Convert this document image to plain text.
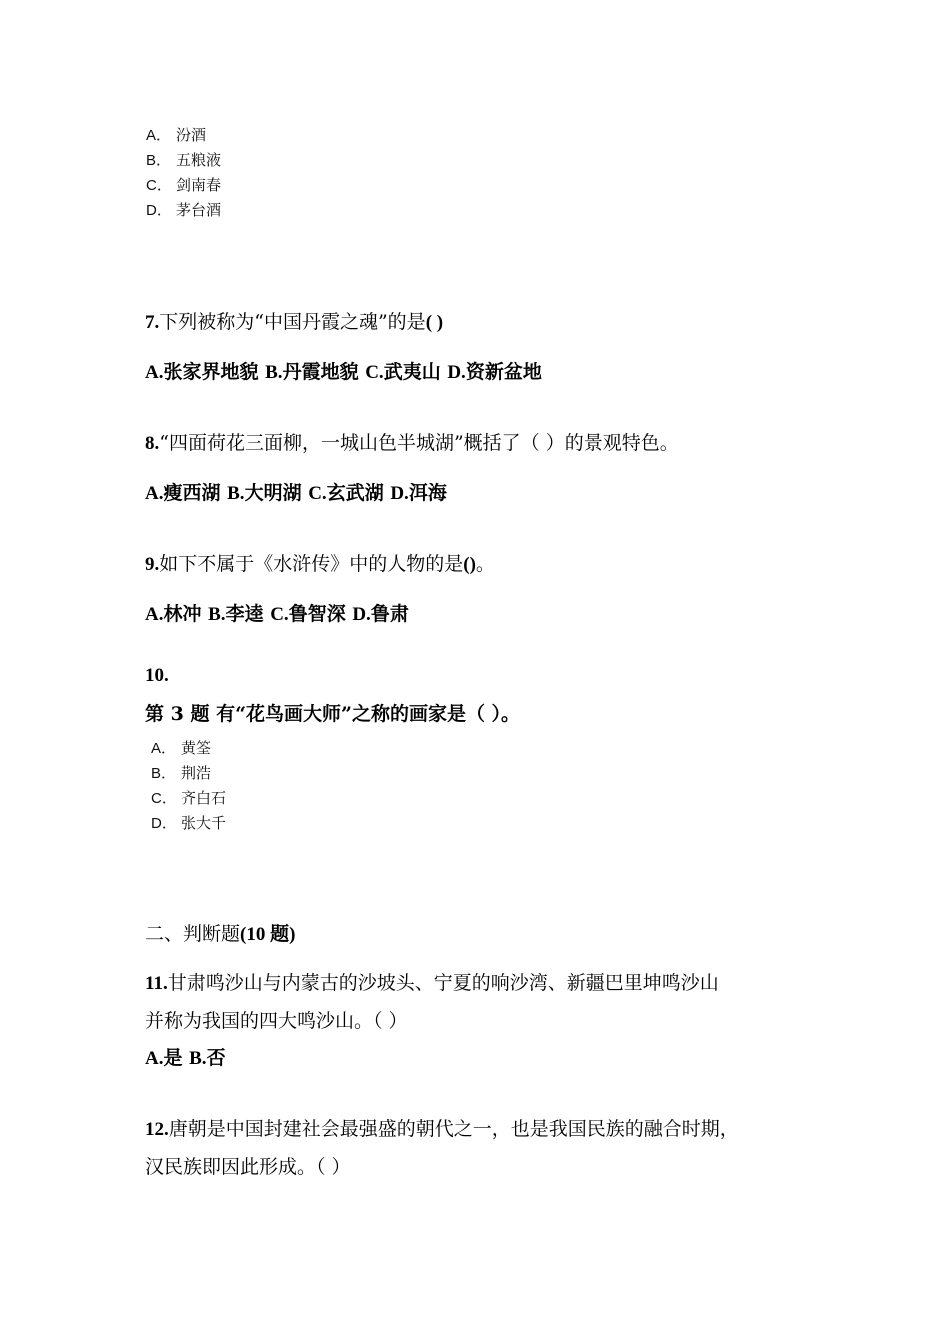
A． 汾酒
B． 五粮液
C． 剑南春
D． 茅台酒
7.下列被称为“中国丹霞之魂”的是( )
A.张家界地貌 B.丹霞地貌 C.武夷山 D.资新盆地
8.“四面荷花三面柳，一城山色半城湖”概括了（ ）的景观特色。
A.瘦西湖 B.大明湖 C.玄武湖 D.洱海
9.如下不属于《水浒传》中的人物的是()。
A.林冲 B.李逵 C.鲁智深 D.鲁肃
10.
第 3 题 有“花鸟画大师”之称的画家是（ ）。
A． 黄筌
B． 荆浩
C． 齐白石
D． 张大千
二、判断题(10 题)
11.甘肃鸣沙山与内蒙古的沙坡头、宁夏的响沙湾、新疆巴里坤鸣沙山
并称为我国的四大鸣沙山。（ ）
A.是 B.否
12.唐朝是中国封建社会最强盛的朝代之一，也是我国民族的融合时期，
汉民族即因此形成。（ ）
